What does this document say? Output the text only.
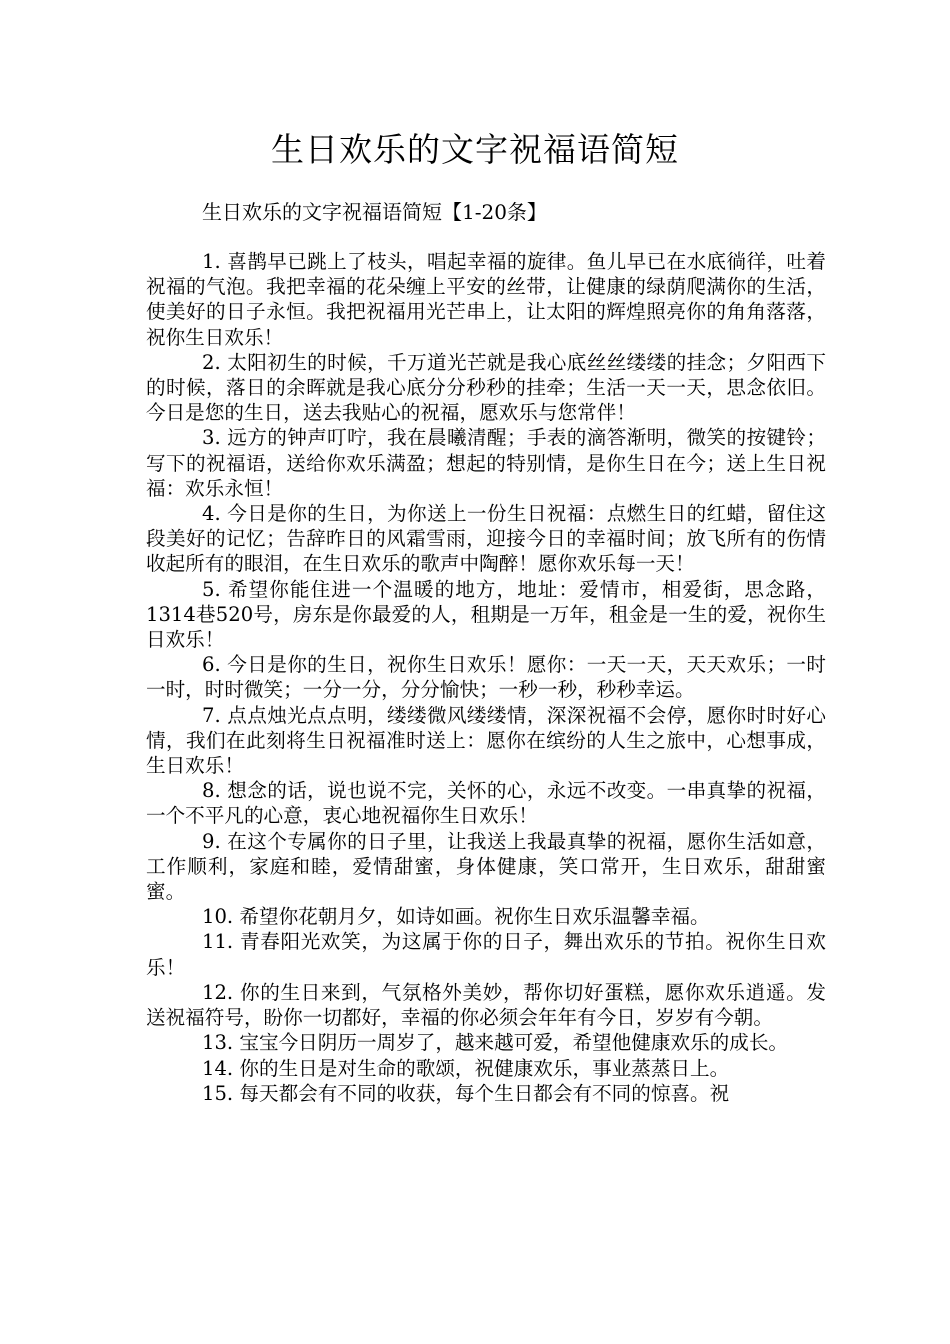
生日欢乐的文字祝福语简短

生日欢乐的文字祝福语简短【1-20条】

1. 喜鹊早已跳上了枝头，唱起幸福的旋律。鱼儿早已在水底徜徉，吐着祝福的气泡。我把幸福的花朵缠上平安的丝带，让健康的绿荫爬满你的生活，使美好的日子永恒。我把祝福用光芒串上，让太阳的辉煌照亮你的角角落落，祝你生日欢乐！

2. 太阳初生的时候，千万道光芒就是我心底丝丝缕缕的挂念；夕阳西下的时候，落日的余晖就是我心底分分秒秒的挂牵；生活一天一天，思念依旧。今日是您的生日，送去我贴心的祝福，愿欢乐与您常伴！

3. 远方的钟声叮咛，我在晨曦清醒；手表的滴答渐明，微笑的按键铃；写下的祝福语，送给你欢乐满盈；想起的特别情，是你生日在今；送上生日祝福：欢乐永恒！

4. 今日是你的生日，为你送上一份生日祝福：点燃生日的红蜡，留住这段美好的记忆；告辞昨日的风霜雪雨，迎接今日的幸福时间；放飞所有的伤情收起所有的眼泪，在生日欢乐的歌声中陶醉！愿你欢乐每一天！

5. 希望你能住进一个温暖的地方，地址：爱情市，相爱街，思念路，1314巷520号，房东是你最爱的人，租期是一万年，租金是一生的爱，祝你生日欢乐！

6. 今日是你的生日，祝你生日欢乐！愿你：一天一天，天天欢乐；一时一时，时时微笑；一分一分，分分愉快；一秒一秒，秒秒幸运。

7. 点点烛光点点明，缕缕微风缕缕情，深深祝福不会停，愿你时时好心情，我们在此刻将生日祝福准时送上：愿你在缤纷的人生之旅中，心想事成，生日欢乐！

8. 想念的话，说也说不完，关怀的心，永远不改变。一串真挚的祝福，一个不平凡的心意，衷心地祝福你生日欢乐！

9. 在这个专属你的日子里，让我送上我最真挚的祝福，愿你生活如意，工作顺利，家庭和睦，爱情甜蜜，身体健康，笑口常开，生日欢乐，甜甜蜜蜜。

10. 希望你花朝月夕，如诗如画。祝你生日欢乐温馨幸福。

11. 青春阳光欢笑，为这属于你的日子，舞出欢乐的节拍。祝你生日欢乐！

12. 你的生日来到，气氛格外美妙，帮你切好蛋糕，愿你欢乐逍遥。发送祝福符号，盼你一切都好，幸福的你必须会年年有今日，岁岁有今朝。

13. 宝宝今日阴历一周岁了，越来越可爱，希望他健康欢乐的成长。

14. 你的生日是对生命的歌颂，祝健康欢乐，事业蒸蒸日上。

15. 每天都会有不同的收获，每个生日都会有不同的惊喜。祝
